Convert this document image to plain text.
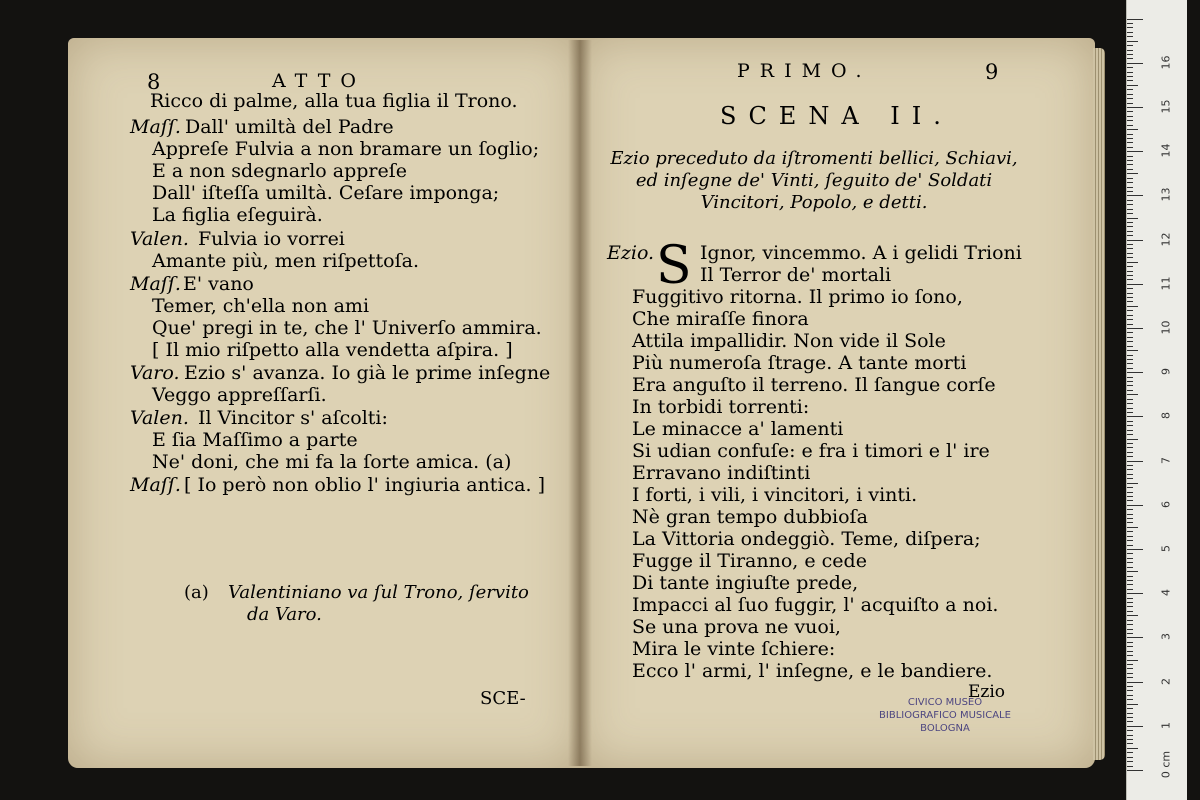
8	ATTO
Ricco di palme, alla tua figlia il Trono.
Maſſ. Dall' umiltà del Padre
Appreſe Fulvia a non bramare un ſoglio;
E a non sdegnarlo appreſe
Dall' iſteſſa umiltà. Ceſare imponga;
La figlia eſeguirà.
Valen. Fulvia io vorrei
Amante più, men riſpettoſa.
Maſſ. E' vano
Temer, ch'ella non ami
Que' pregi in te, che l' Univerſo ammira.
[ Il mio riſpetto alla vendetta aſpira. ]
Varo. Ezio s' avanza. Io già le prime inſegne
Veggo appreſſarſi.
Valen. Il Vincitor s' aſcolti:
E ſia Maſſimo a parte
Ne' doni, che mi fa la ſorte amica. (a)
Maſſ. [ Io però non oblio l' ingiuria antica. ]
(a) Valentiniano va ſul Trono, ſervito
da Varo.
SCE-
PRIMO.	9
SCENA II.
Ezio preceduto da iſtromenti bellici, Schiavi,
ed inſegne de' Vinti, ſeguito de' Soldati
Vincitori, Popolo, e detti.
Ezio. S Ignor, vincemmo. A i gelidi Trioni
Il Terror de' mortali
Fuggitivo ritorna. Il primo io ſono,
Che miraſſe finora
Attila impallidir. Non vide il Sole
Più numeroſa ſtrage. A tante morti
Era anguſto il terreno. Il ſangue corſe
In torbidi torrenti:
Le minacce a' lamenti
Si udian confuſe: e fra i timori e l' ire
Erravano indiſtinti
I forti, i vili, i vincitori, i vinti.
Nè gran tempo dubbioſa
La Vittoria ondeggiò. Teme, diſpera;
Fugge il Tiranno, e cede
Di tante ingiuſte prede,
Impacci al ſuo fuggir, l' acquiſto a noi.
Se una prova ne vuoi,
Mira le vinte ſchiere:
Ecco l' armi, l' inſegne, e le bandiere.
Ezio
CIVICO MUSEO
BIBLIOGRAFICO MUSICALE
BOLOGNA
0 cm
1
2
3
4
5
6
7
8
9
10
11
12
13
14
15
16
